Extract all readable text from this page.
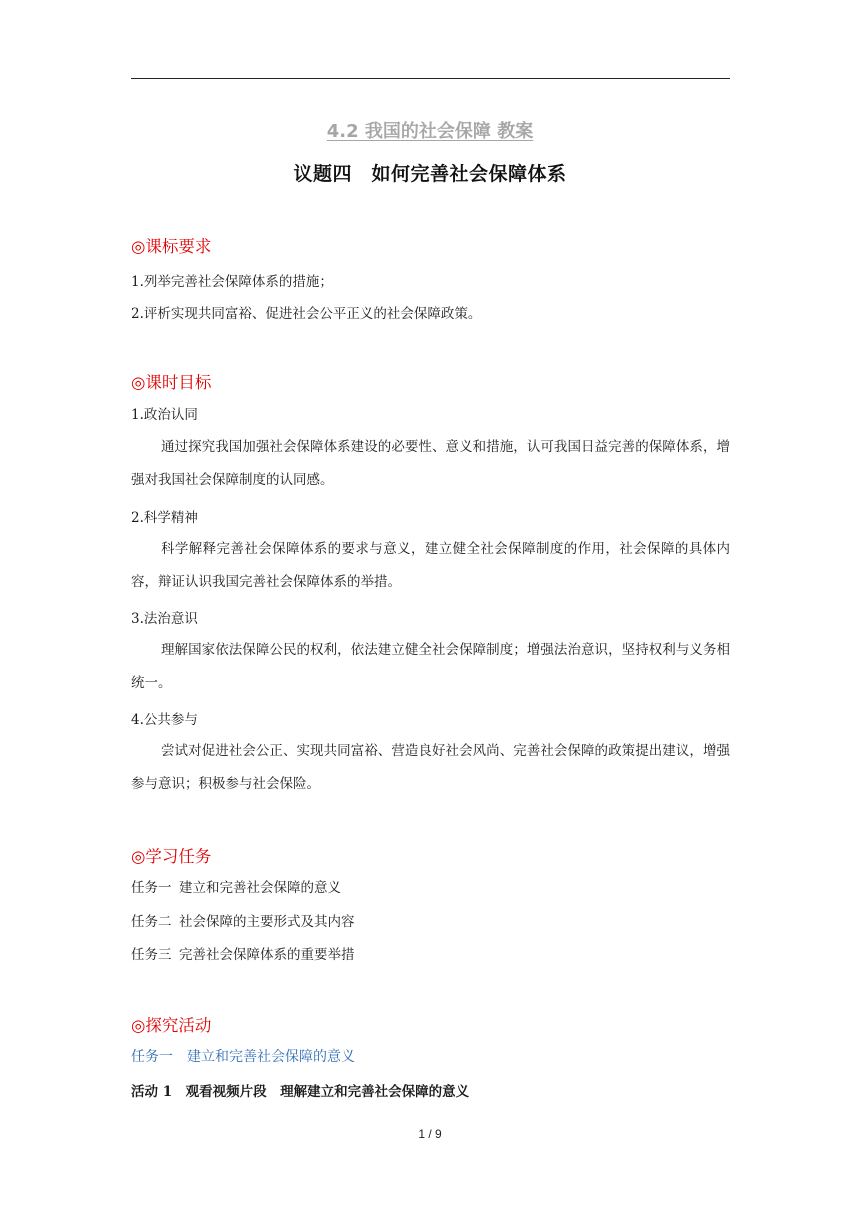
4.2 我国的社会保障 教案
议题四　如何完善社会保障体系
◎课标要求
1.列举完善社会保障体系的措施；
2.评析实现共同富裕、促进社会公平正义的社会保障政策。
◎课时目标
1.政治认同
通过探究我国加强社会保障体系建设的必要性、意义和措施，认可我国日益完善的保障体系，增强对我国社会保障制度的认同感。
2.科学精神
科学解释完善社会保障体系的要求与意义，建立健全社会保障制度的作用，社会保障的具体内容，辩证认识我国完善社会保障体系的举措。
3.法治意识
理解国家依法保障公民的权利，依法建立健全社会保障制度；增强法治意识，坚持权利与义务相统一。
4.公共参与
尝试对促进社会公正、实现共同富裕、营造良好社会风尚、完善社会保障的政策提出建议，增强参与意识；积极参与社会保险。
◎学习任务
任务一 建立和完善社会保障的意义
任务二 社会保障的主要形式及其内容
任务三 完善社会保障体系的重要举措
◎探究活动
任务一　建立和完善社会保障的意义
活动 1　观看视频片段　理解建立和完善社会保障的意义
1 / 9
